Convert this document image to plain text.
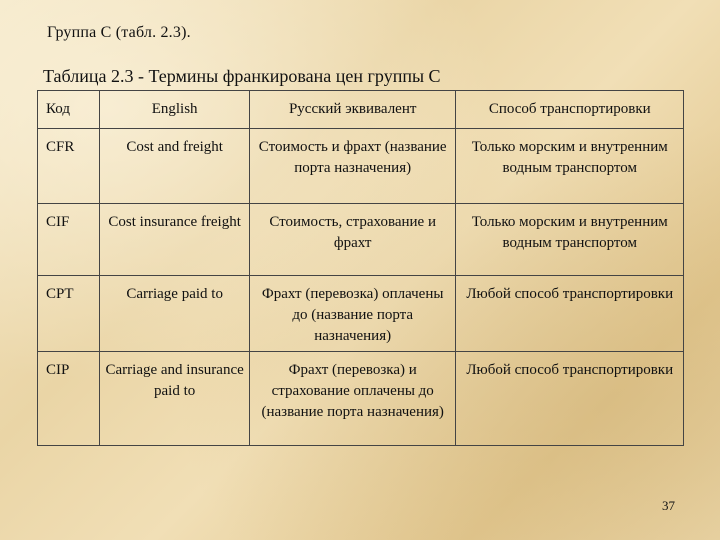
Группа С (табл. 2.3).
Таблица 2.3 - Термины франкирована цен группы С
Код	English	Русский эквивалент	Способ транспортировки
CFR	Cost and freight	Стоимость и фрахт (название порта назначения)	Только морским и внутренним водным транспортом
CIF	Cost insurance freight	Стоимость, страхование и фрахт	Только морским и внутренним водным транспортом
CPT	Carriage paid to	Фрахт (перевозка) оплачены до (название порта назначения)	Любой способ транспортировки
CIP	Carriage and insurance paid to	Фрахт (перевозка) и страхование оплачены до (название порта назначения)	Любой способ транспортировки
37
